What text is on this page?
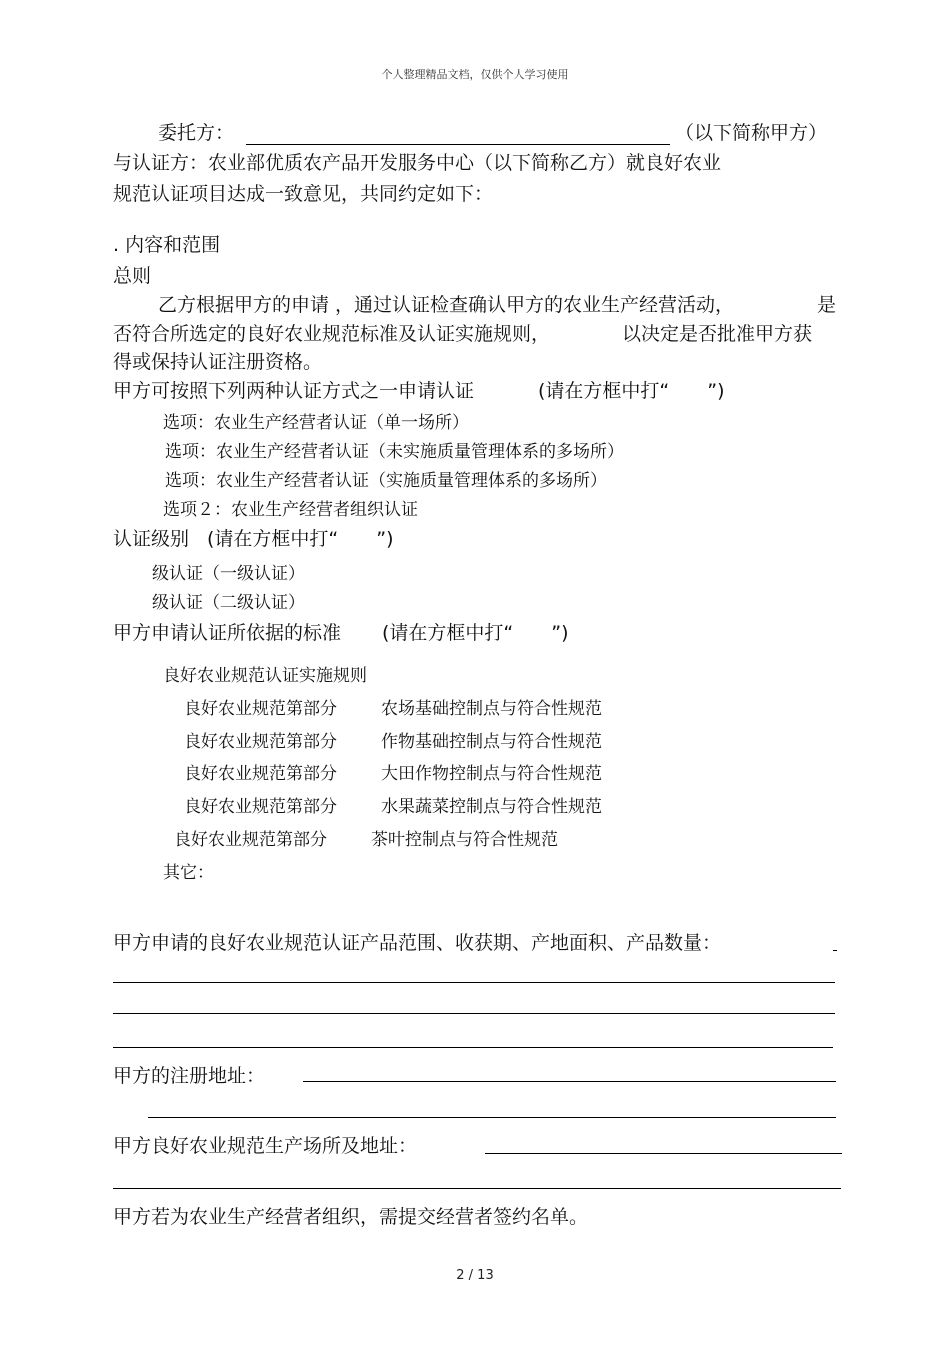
个人整理精品文档，仅供个人学习使用
委托方：	（以下简称甲方）
与认证方：农业部优质农产品开发服务中心（以下简称乙方）就良好农业
规范认证项目达成一致意见，共同约定如下：
. 内容和范围
总则
乙方根据甲方的申请 ，通过认证检查确认甲方的农业生产经营活动，	是
否符合所选定的良好农业规范标准及认证实施规则，	以决定是否批准甲方获
得或保持认证注册资格。
甲方可按照下列两种认证方式之一申请认证	(请在方框中打“　　”)
选项：农业生产经营者认证（单一场所）
选项：农业生产经营者认证（未实施质量管理体系的多场所）
选项：农业生产经营者认证（实施质量管理体系的多场所）
选项２：农业生产经营者组织认证
认证级别 (请在方框中打“　　”)
级认证（一级认证）
级认证（二级认证）
甲方申请认证所依据的标准 (请在方框中打“　　”)
良好农业规范认证实施规则
良好农业规范第部分	农场基础控制点与符合性规范
良好农业规范第部分	作物基础控制点与符合性规范
良好农业规范第部分	大田作物控制点与符合性规范
良好农业规范第部分	水果蔬菜控制点与符合性规范
良好农业规范第部分	茶叶控制点与符合性规范
其它：
甲方申请的良好农业规范认证产品范围、收获期、产地面积、产品数量：
甲方的注册地址：
甲方良好农业规范生产场所及地址：
甲方若为农业生产经营者组织，需提交经营者签约名单。
2 / 13
